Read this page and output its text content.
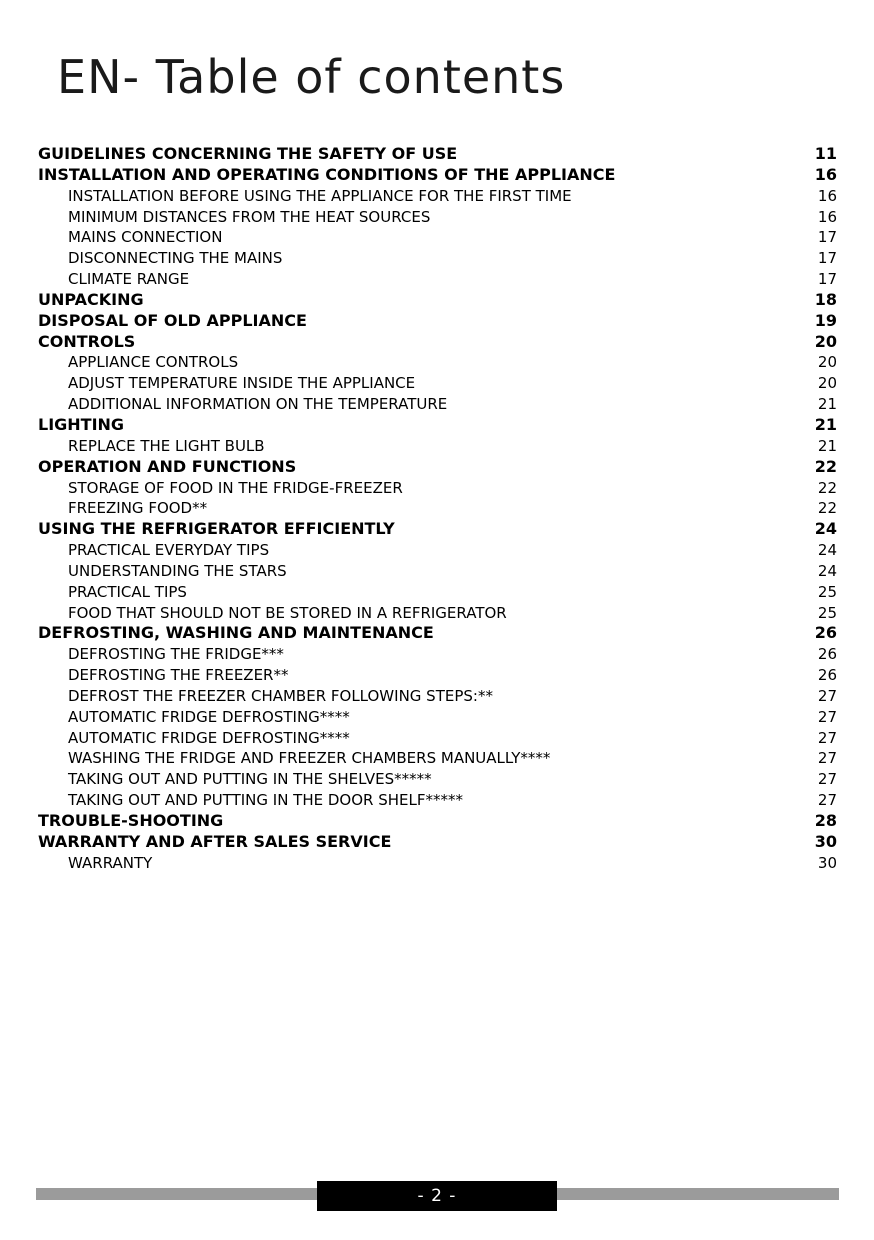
EN- Table of contents
GUIDELINES CONCERNING THE SAFETY OF USE	11
INSTALLATION AND OPERATING CONDITIONS OF THE APPLIANCE	16
INSTALLATION BEFORE USING THE APPLIANCE FOR THE FIRST TIME	16
MINIMUM DISTANCES FROM THE HEAT SOURCES	16
MAINS CONNECTION	17
DISCONNECTING THE MAINS	17
CLIMATE RANGE	17
UNPACKING	18
DISPOSAL OF OLD APPLIANCE	19
CONTROLS	20
APPLIANCE CONTROLS	20
ADJUST TEMPERATURE INSIDE THE APPLIANCE	20
ADDITIONAL INFORMATION ON THE TEMPERATURE	21
LIGHTING	21
REPLACE THE LIGHT BULB	21
OPERATION AND FUNCTIONS	22
STORAGE OF FOOD IN THE FRIDGE-FREEZER	22
FREEZING FOOD**	22
USING THE REFRIGERATOR EFFICIENTLY	24
PRACTICAL EVERYDAY TIPS	24
UNDERSTANDING THE STARS	24
PRACTICAL TIPS	25
FOOD THAT SHOULD NOT BE STORED IN A REFRIGERATOR	25
DEFROSTING, WASHING AND MAINTENANCE	26
DEFROSTING THE FRIDGE***	26
DEFROSTING THE FREEZER**	26
DEFROST THE FREEZER CHAMBER FOLLOWING STEPS:**	27
AUTOMATIC FRIDGE DEFROSTING****	27
AUTOMATIC FRIDGE DEFROSTING****	27
WASHING THE FRIDGE AND FREEZER CHAMBERS MANUALLY****	27
TAKING OUT AND PUTTING IN THE SHELVES*****	27
TAKING OUT AND PUTTING IN THE DOOR SHELF*****	27
TROUBLE-SHOOTING	28
WARRANTY AND AFTER SALES SERVICE	30
WARRANTY	30
- 2 -
